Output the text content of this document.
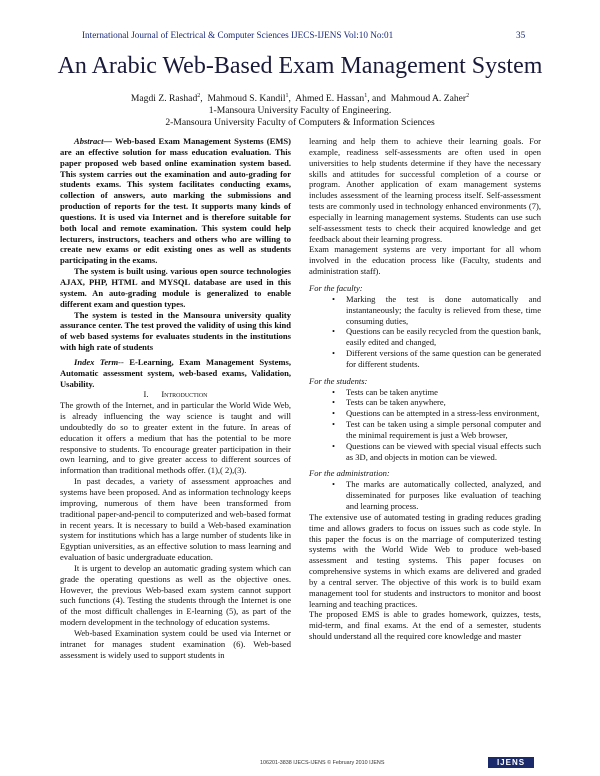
International Journal of Electrical & Computer Sciences IJECS-IJENS Vol:10 No:01	35
An Arabic Web-Based Exam Management System
Magdi Z. Rashad$^2$,  Mahmoud S. Kandil$^1$,  Ahmed E. Hassan$^1$, and Mahmoud A. Zaher$^2$
1-Mansoura University Faculty of Engineering.
2-Mansoura University Faculty of Computers & Information Sciences

Abstract— Web-based Exam Management Systems (EMS) are an effective solution for mass education evaluation. This paper proposed web based online examination system based. This system carries out the examination and auto-grading for students exams. This system facilitates conducting exams, collection of answers, auto marking the submissions and production of reports for the test. It supports many kinds of questions. It is used via Internet and is therefore suitable for both local and remote examination. This system could help lecturers, instructors, teachers and others who are willing to create new exams or edit existing ones as well as students participating in the exams.

The system is built using. various open source technologies AJAX, PHP, HTML and MYSQL database are used in this system. An auto-grading module is generalized to enable different exam and question types.

The system is tested in the Mansoura university quality assurance center. The test proved the validity of using this kind of web based systems for evaluates students in the institutions with high rate of students

Index Term-- E-Learning, Exam Management Systems, Automatic assessment system, web-based exams, Validation, Usability.

I. Introduction

The growth of the Internet, and in particular the World Wide Web, is already influencing the way science is taught and will undoubtedly do so to greater extent in the future. In areas of education it offers a medium that has the potential to be more responsive to students. To encourage greater participation in their own learning, and to give greater access to different sources of information than traditional methods offer. (1),( 2),(3).

In past decades, a variety of assessment approaches and systems have been proposed. And as information technology keeps improving, numerous of them have been transformed from traditional paper-and-pencil to computerized and web-based format in recent years. It is necessary to build a Web-based examination system for institutions which has a large number of students like in Egyptian universities, as an effective solution to mass learning and evaluation of basic undergraduate education.

It is urgent to develop an automatic grading system which can grade the operating questions as well as the objective ones. However, the previous Web-based exam system cannot support such functions (4). Testing the students through the Internet is one of the most difficult challenges in E-learning (5), as part of the modern development in the technology of education systems.

Web-based Examination system could be used via Internet or intranet for manages student examination (6). Web-based assessment is widely used to support students in

learning and help them to achieve their learning goals. For example, readiness self-assessments are often used in open universities to help students determine if they have the necessary skills and attitudes for successful completion of a course or program. Another application of exam management systems includes assessment of the learning process itself. Self-assessment tests are commonly used in technology enhanced environments (7), especially in learning management systems. Students can use such self-assessment tests to check their acquired knowledge and get feedback about their learning progress.

Exam management systems are very important for all whom involved in the education process like (Faculty, students and administration staff).

For the faculty:

• Marking the test is done automatically and instantaneously; the faculty is relieved from these, time consuming duties,
• Questions can be easily recycled from the question bank, easily edited and changed,
• Different versions of the same question can be generated for different students.

For the students:

• Tests can be taken anytime
• Tests can be taken anywhere,
• Questions can be attempted in a stress-less environment,
• Test can be taken using a simple personal computer and the minimal requirement is just a Web browser,
• Questions can be viewed with special visual effects such as 3D, and objects in motion can be viewed.

For the administration:

• The marks are automatically collected, analyzed, and disseminated for purposes like evaluation of teaching and learning process.

The extensive use of automated testing in grading reduces grading time and allows graders to focus on issues such as code style. In this paper the focus is on the marriage of computerized testing systems with the World Wide Web to produce web-based assessment and testing systems. This paper focuses on comprehensive systems in which exams are delivered and graded by a central server. The objective of this work is to build exam management tool for students and instructors to monitor and boost learning and teaching practices.

The proposed EMS is able to grades homework, quizzes, tests, mid-term, and final exams. At the end of a semester, students should understand all the required core knowledge and master

106201-3838 IJECS-IJENS © February 2010 IJENS	IJENS
